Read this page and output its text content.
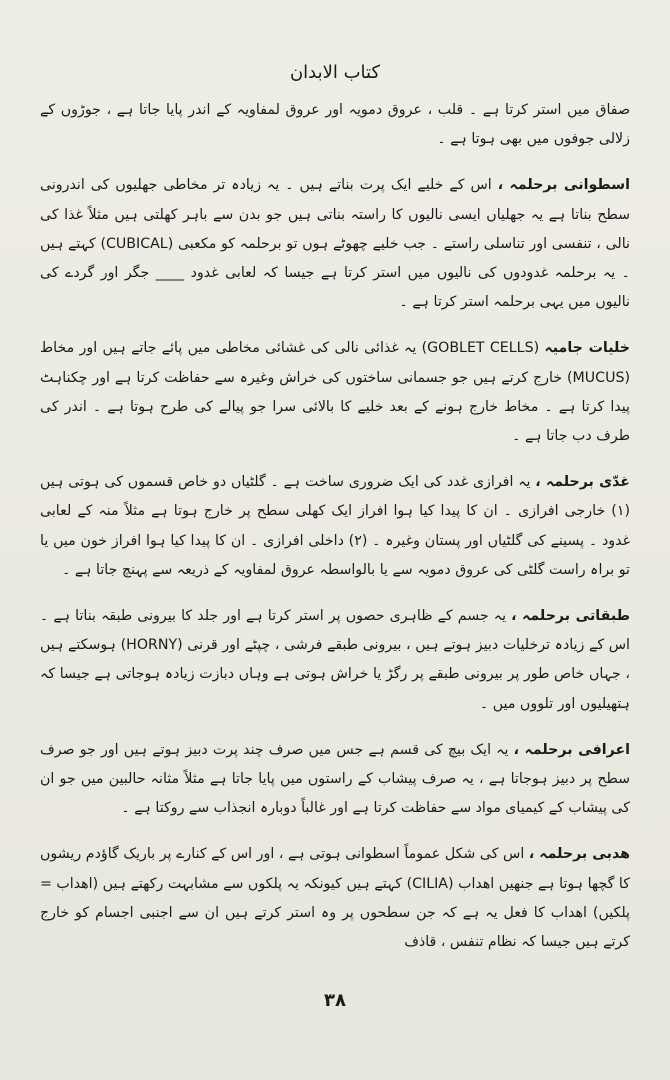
کتاب الابدان

صفاق میں استر کرتا ہے ۔ قلب ، عروق دمویہ اور عروق لمفاویہ کے اندر پایا جاتا ہے ، جوڑوں کے زلالی جوفوں میں بھی ہوتا ہے ۔

اسطوانی برحلمہ ، اس کے خلیے ایک پرت بناتے ہیں ۔ یہ زیادہ تر مخاطی جھلیوں کی اندرونی سطح بناتا ہے یہ جھلیاں ایسی نالیوں کا راستہ بناتی ہیں جو بدن سے باہر کھلتی ہیں مثلاً غذا کی نالی ، تنفسی اور تناسلی راستے ۔ جب خلیے چھوٹے ہوں تو برحلمہ کو مکعبی (CUBICAL) کہتے ہیں ۔ یہ برحلمہ غدودوں کی نالیوں میں استر کرتا ہے جیسا کہ لعابی غدود ____ جگر اور گردے کی نالیوں میں یہی برحلمہ استر کرتا ہے ۔

خلیات جامیہ (GOBLET CELLS) یہ غذائی نالی کی غشائی مخاطی میں پائے جاتے ہیں اور مخاط (MUCUS) خارج کرتے ہیں جو جسمانی ساختوں کی خراش وغیرہ سے حفاظت کرتا ہے اور چکناہٹ پیدا کرتا ہے ۔ مخاط خارج ہونے کے بعد خلیے کا بالائی سرا جو پیالے کی طرح ہوتا ہے ۔ اندر کی طرف دب جاتا ہے ۔

غدّی برحلمہ ، یہ افرازی غدد کی ایک ضروری ساخت ہے ۔ گلٹیاں دو خاص قسموں کی ہوتی ہیں (۱) خارجی افرازی ۔ ان کا پیدا کیا ہوا افراز ایک کھلی سطح پر خارج ہوتا ہے مثلاً منہ کے لعابی غدود ۔ پسینے کی گلٹیاں اور پستان وغیرہ ۔ (۲) داخلی افرازی ۔ ان کا پیدا کیا ہوا افراز خون میں یا تو براہ راست گلٹی کی عروق دمویہ سے یا بالواسطہ عروق لمفاویہ کے ذریعہ سے پہنچ جاتا ہے ۔

طبقاتی برحلمہ ، یہ جسم کے ظاہری حصوں پر استر کرتا ہے اور جلد کا بیرونی طبقہ بناتا ہے ۔ اس کے زیادہ ترخلیات دبیز ہوتے ہیں ، بیرونی طبقے فرشی ، چپٹے اور قرنی (HORNY) ہوسکتے ہیں ، جہاں خاص طور پر بیرونی طبقے پر رگڑ یا خراش ہوتی ہے وہاں دبازت زیادہ ہوجاتی ہے جیسا کہ ہتھیلیوں اور تلووں میں ۔

اعرافی برحلمہ ، یہ ایک بیچ کی قسم ہے جس میں صرف چند پرت دبیز ہوتے ہیں اور جو صرف سطح پر دبیز ہوجاتا ہے ، یہ صرف پیشاب کے راستوں میں پایا جاتا ہے مثلاً مثانہ حالبین میں جو ان کی پیشاب کے کیمیای مواد سے حفاظت کرتا ہے اور غالباً دوبارہ انجذاب سے روکتا ہے ۔

ھدبی برحلمہ ، اس کی شکل عموماً اسطوانی ہوتی ہے ، اور اس کے کنارے پر باریک گاؤدم ریشوں کا گچھا ہوتا ہے جنھیں اھداب (CILIA) کہتے ہیں کیونکہ یہ پلکوں سے مشابہت رکھتے ہیں (اھداب = پلکیں) اھداب کا فعل یہ ہے کہ جن سطحوں پر وہ استر کرتے ہیں ان سے اجنبی اجسام کو خارج کرتے ہیں جیسا کہ نظام تنفس ، قاذف

۳۸
